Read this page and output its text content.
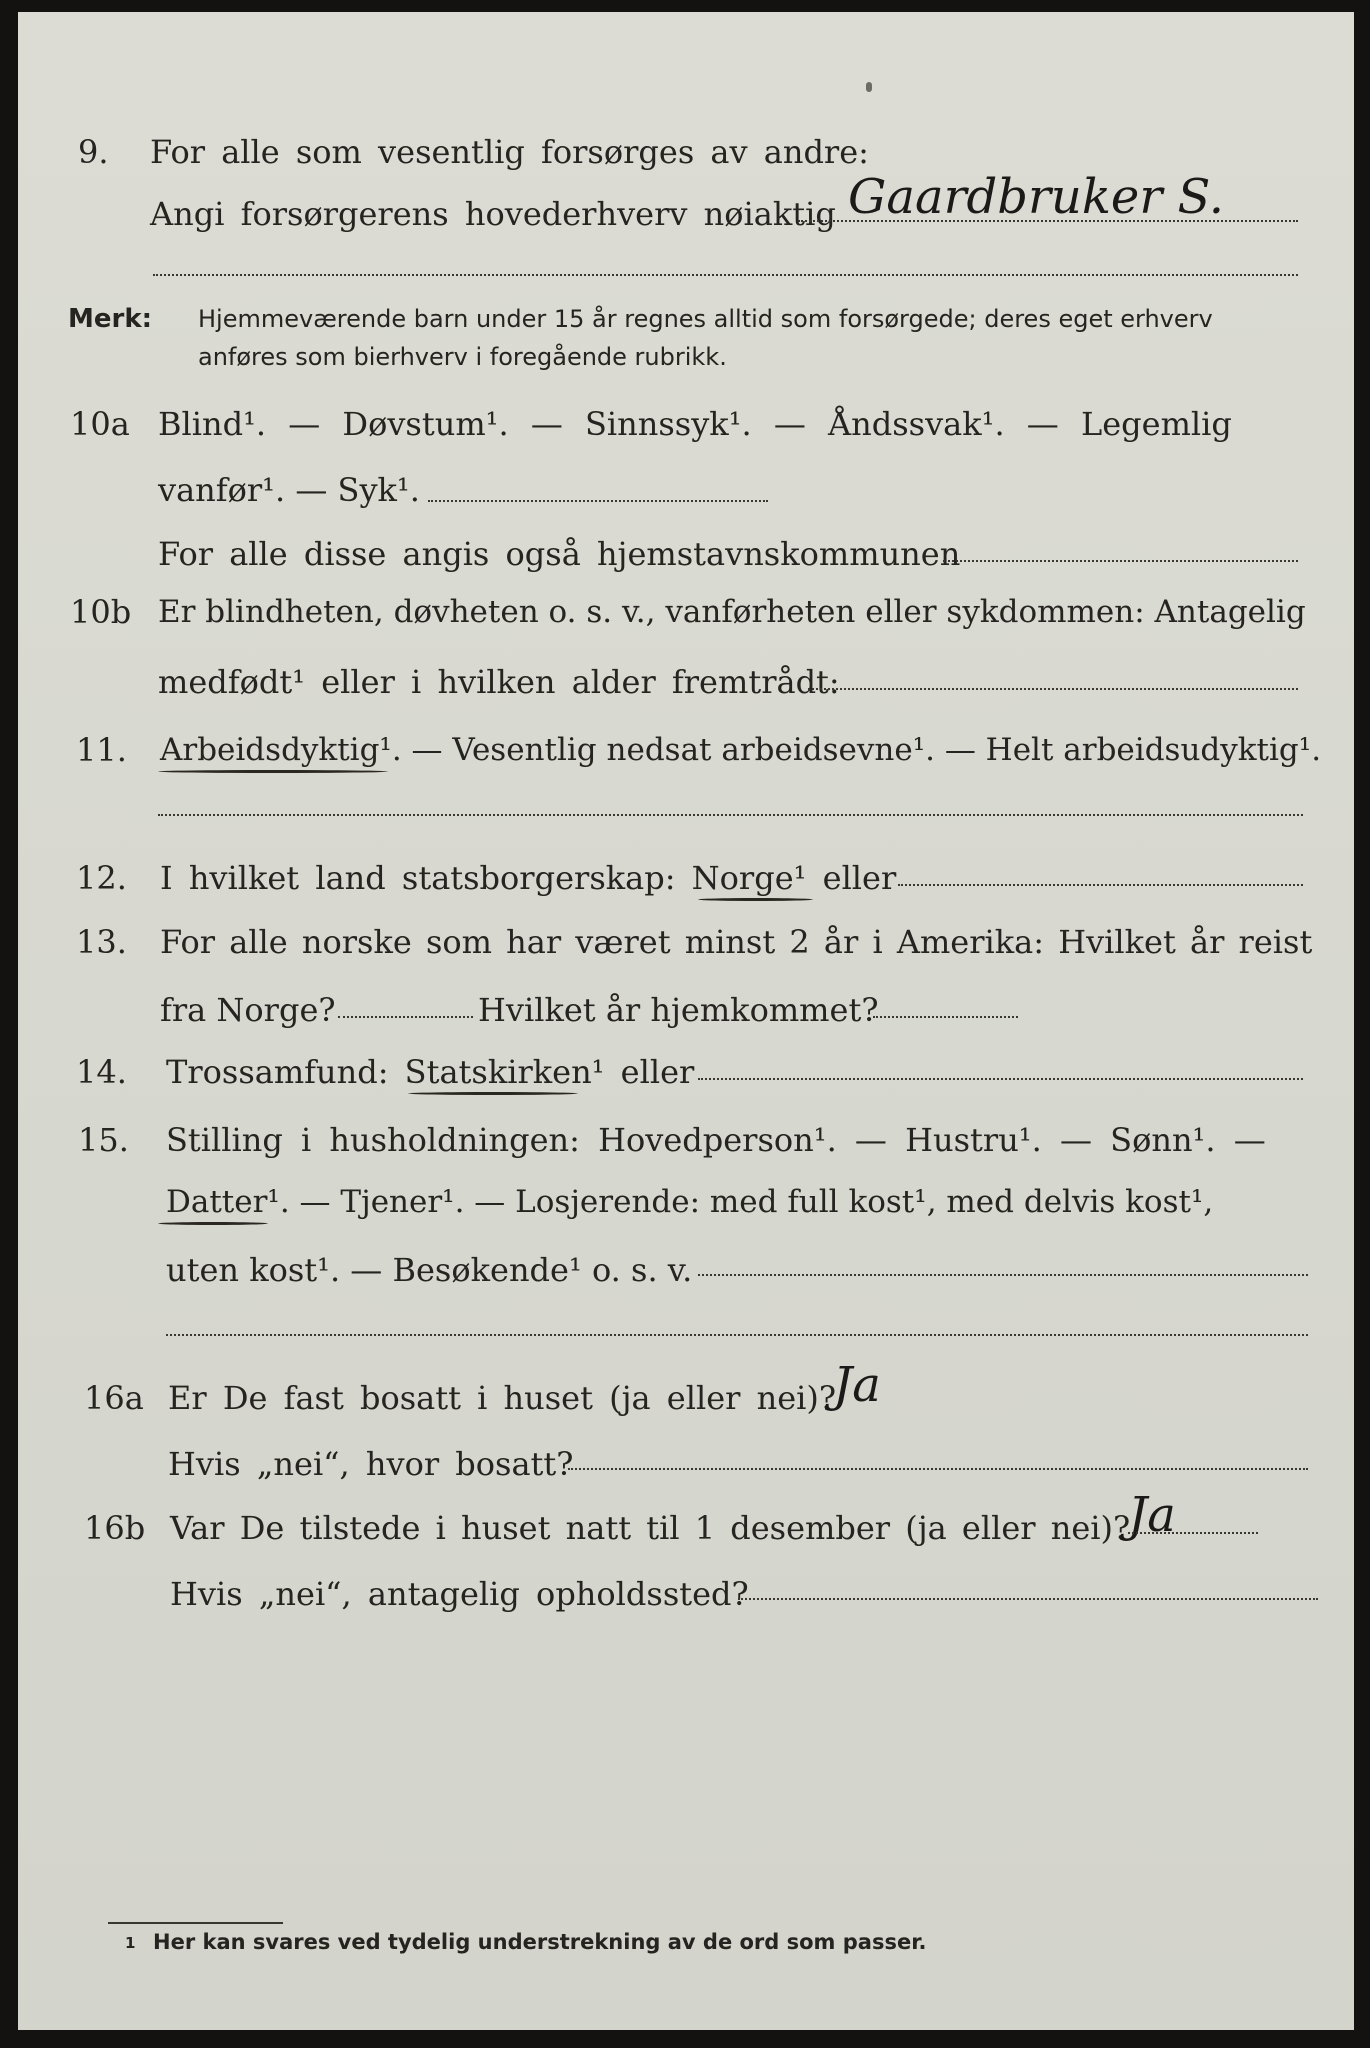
9. For alle som vesentlig forsørges av andre:
Angi forsørgerens hovederhverv nøiaktig Gaardbruker S.
Merk: Hjemmeværende barn under 15 år regnes alltid som forsørgede; deres eget erhverv
anføres som bierhverv i foregående rubrikk.
10a Blind¹. — Døvstum¹. — Sinnssyk¹. — Åndssvak¹. — Legemlig
vanfør¹. — Syk¹.
For alle disse angis også hjemstavnskommunen
10b Er blindheten, døvheten o. s. v., vanførheten eller sykdommen: Antagelig
medfødt¹ eller i hvilken alder fremtrådt:
11. Arbeidsdyktig¹. — Vesentlig nedsat arbeidsevne¹. — Helt arbeidsudyktig¹.
12. I hvilket land statsborgerskap: Norge¹ eller
13. For alle norske som har været minst 2 år i Amerika: Hvilket år reist
fra Norge?	Hvilket år hjemkommet?
14. Trossamfund: Statskirken¹ eller
15. Stilling i husholdningen: Hovedperson¹. — Hustru¹. — Sønn¹. —
Datter¹. — Tjener¹. — Losjerende: med full kost¹, med delvis kost¹,
uten kost¹. — Besøkende¹ o. s. v.
16a Er De fast bosatt i huset (ja eller nei)?
Ja
Hvis „nei“, hvor bosatt?
16b Var De tilstede i huset natt til 1 desember (ja eller nei)?
Ja
Hvis „nei“, antagelig opholdssted?
1 Her kan svares ved tydelig understrekning av de ord som passer.
